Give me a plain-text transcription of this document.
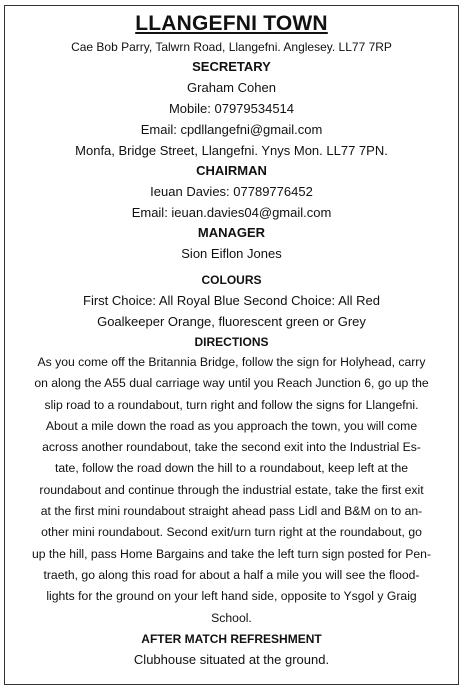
LLANGEFNI TOWN
Cae Bob Parry, Talwrn Road, Llangefni. Anglesey. LL77 7RP
SECRETARY
Graham Cohen
Mobile: 07979534514
Email: cpdllangefni@gmail.com
Monfa, Bridge Street, Llangefni. Ynys Mon. LL77 7PN.
CHAIRMAN
Ieuan Davies: 07789776452
Email: ieuan.davies04@gmail.com
MANAGER
Sion Eiflon Jones
COLOURS
First Choice: All Royal Blue Second Choice: All Red
Goalkeeper Orange, fluorescent green or Grey
DIRECTIONS
As you come off the Britannia Bridge, follow the sign for Holyhead, carry
on along the A55 dual carriage way until you Reach Junction 6, go up the
slip road to a roundabout, turn right and follow the signs for Llangefni.
About a mile down the road as you approach the town, you will come
across another roundabout, take the second exit into the Industrial Es-
tate, follow the road down the hill to a roundabout, keep left at the
roundabout and continue through the industrial estate, take the first exit
at the first mini roundabout straight ahead pass Lidl and B&M on to an-
other mini roundabout. Second exit/urn turn right at the roundabout, go
up the hill, pass Home Bargains and take the left turn sign posted for Pen-
traeth, go along this road for about a half a mile you will see the flood-
lights for the ground on your left hand side, opposite to Ysgol y Graig
School.
AFTER MATCH REFRESHMENT
Clubhouse situated at the ground.
